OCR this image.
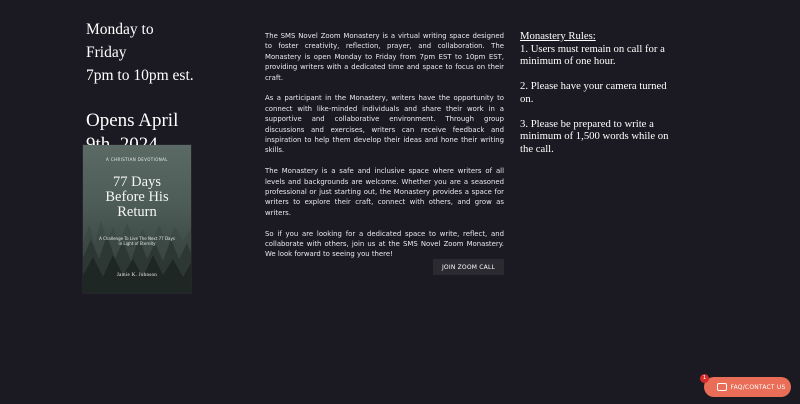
Monday to
Friday
7pm to 10pm est.
Opens April
A CHRISTIAN DEVOTIONAL
77 Days
Before His
Return
A Challenge To Live The Next 77 Days in Light of Eternity
Jamie K. Johnson

The SMS Novel Zoom Monastery is a virtual writing space designed to foster creativity, reflection, prayer, and collaboration. The Monastery is open Monday to Friday from 7pm EST to 10pm EST, providing writers with a dedicated time and space to focus on their craft.

As a participant in the Monastery, writers have the opportunity to connect with like-minded individuals and share their work in a supportive and collaborative environment. Through group discussions and exercises, writers can receive feedback and inspiration to help them develop their ideas and hone their writing skills.

The Monastery is a safe and inclusive space where writers of all levels and backgrounds are welcome. Whether you are a seasoned professional or just starting out, the Monastery provides a space for writers to explore their craft, connect with others, and grow as writers.

So if you are looking for a dedicated space to write, reflect, and collaborate with others, join us at the SMS Novel Zoom Monastery. We look forward to seeing you there!

JOIN ZOOM CALL
Monastery Rules:
1. Users must remain on call for a minimum of one hour.
2. Please have your camera turned on.
3. Please be prepared to write a minimum of 1,500 words while on the call.
FAQ/CONTACT US
1
